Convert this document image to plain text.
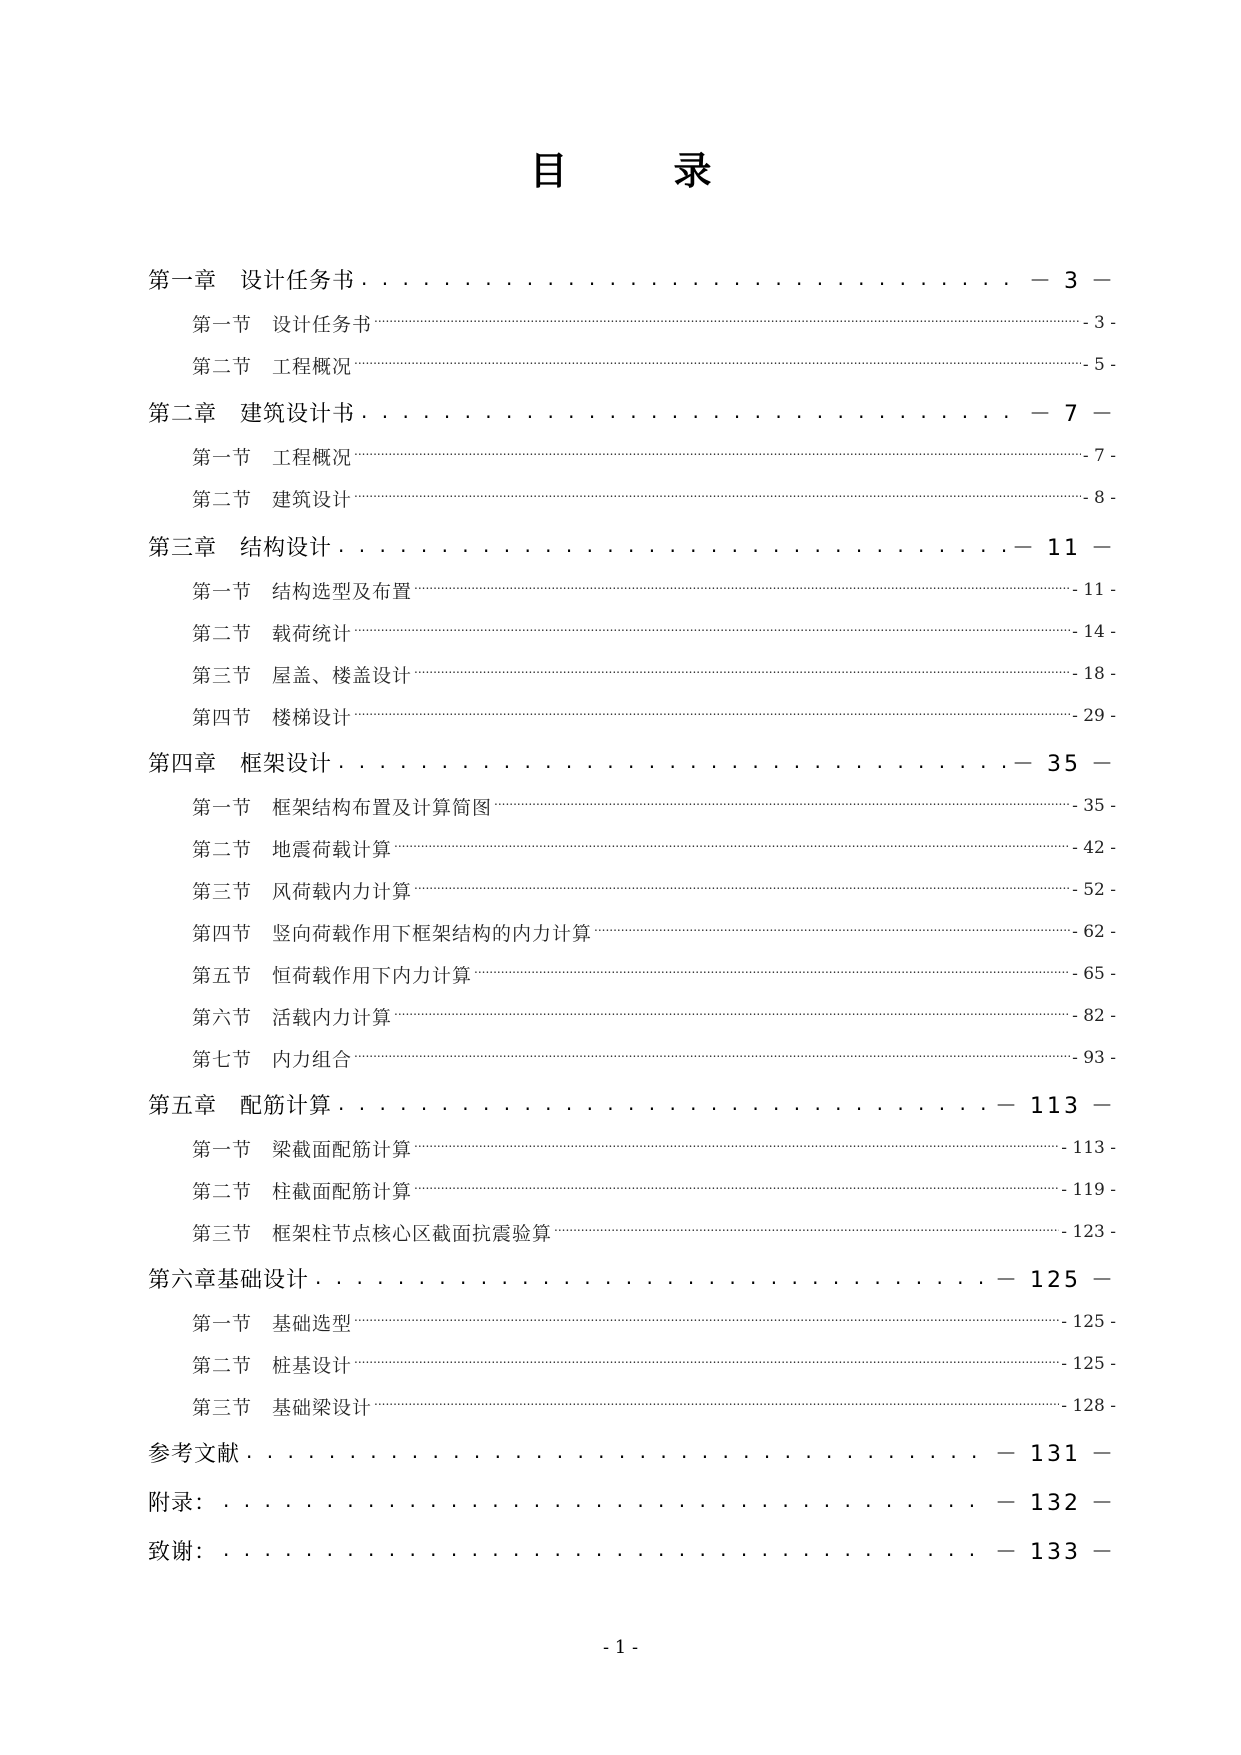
目　录
第一章　设计任务书 . . .	－ 3 －
第一节　设计任务书 .....	- 3 -
第二节　工程概况 .....	- 5 -
第二章　建筑设计书 . . .	－ 7 －
第一节　工程概况 .....	- 7 -
第二节　建筑设计 .....	- 8 -
第三章　结构设计 . . .	－ 11 －
第一节　结构选型及布置 .....	- 11 -
第二节　载荷统计 .....	- 14 -
第三节　屋盖、楼盖设计 .....	- 18 -
第四节　楼梯设计 .....	- 29 -
第四章　框架设计 . . .	－ 35 －
第一节　框架结构布置及计算简图 .....	- 35 -
第二节　地震荷载计算 .....	- 42 -
第三节　风荷载内力计算 .....	- 52 -
第四节　竖向荷载作用下框架结构的内力计算 .....	- 62 -
第五节　恒荷载作用下内力计算 .....	- 65 -
第六节　活载内力计算 .....	- 82 -
第七节　内力组合 .....	- 93 -
第五章　配筋计算 . . .	－ 113 －
第一节　梁截面配筋计算 .....	- 113 -
第二节　柱截面配筋计算 .....	- 119 -
第三节　框架柱节点核心区截面抗震验算 .....	- 123 -
第六章基础设计 . . .	－ 125 －
第一节　基础选型 .....	- 125 -
第二节　桩基设计 .....	- 125 -
第三节　基础梁设计 .....	- 128 -
参考文献 . . .	－ 131 －
附录： . . .	－ 132 －
致谢： . . .	－ 133 －
- 1 -
